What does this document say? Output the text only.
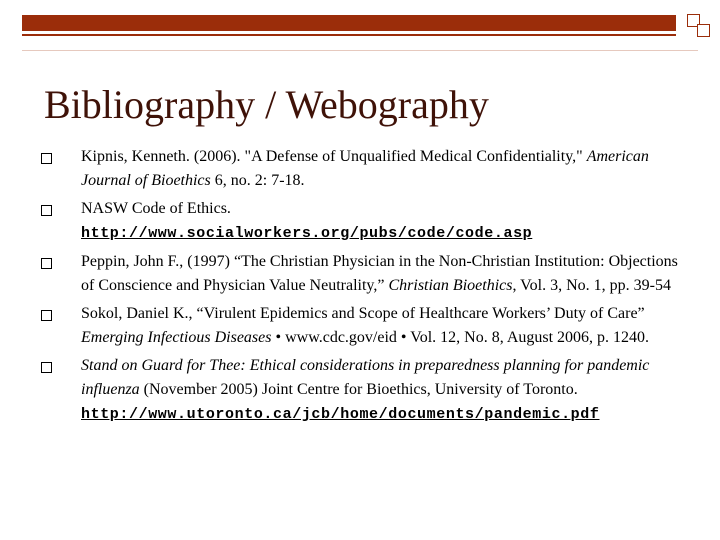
Bibliography / Webography
Kipnis, Kenneth. (2006). "A Defense of Unqualified Medical Confidentiality," American Journal of Bioethics 6, no. 2: 7-18.
NASW Code of Ethics. http://www.socialworkers.org/pubs/code/code.asp
Peppin, John F., (1997) “The Christian Physician in the Non-Christian Institution: Objections of Conscience and Physician Value Neutrality,” Christian Bioethics, Vol. 3, No. 1, pp. 39-54
Sokol, Daniel K., “Virulent Epidemics and Scope of Healthcare Workers’ Duty of Care” Emerging Infectious Diseases • www.cdc.gov/eid • Vol. 12, No. 8, August 2006, p. 1240.
Stand on Guard for Thee: Ethical considerations in preparedness planning for pandemic influenza (November 2005) Joint Centre for Bioethics, University of Toronto. http://www.utoronto.ca/jcb/home/documents/pandemic.pdf
